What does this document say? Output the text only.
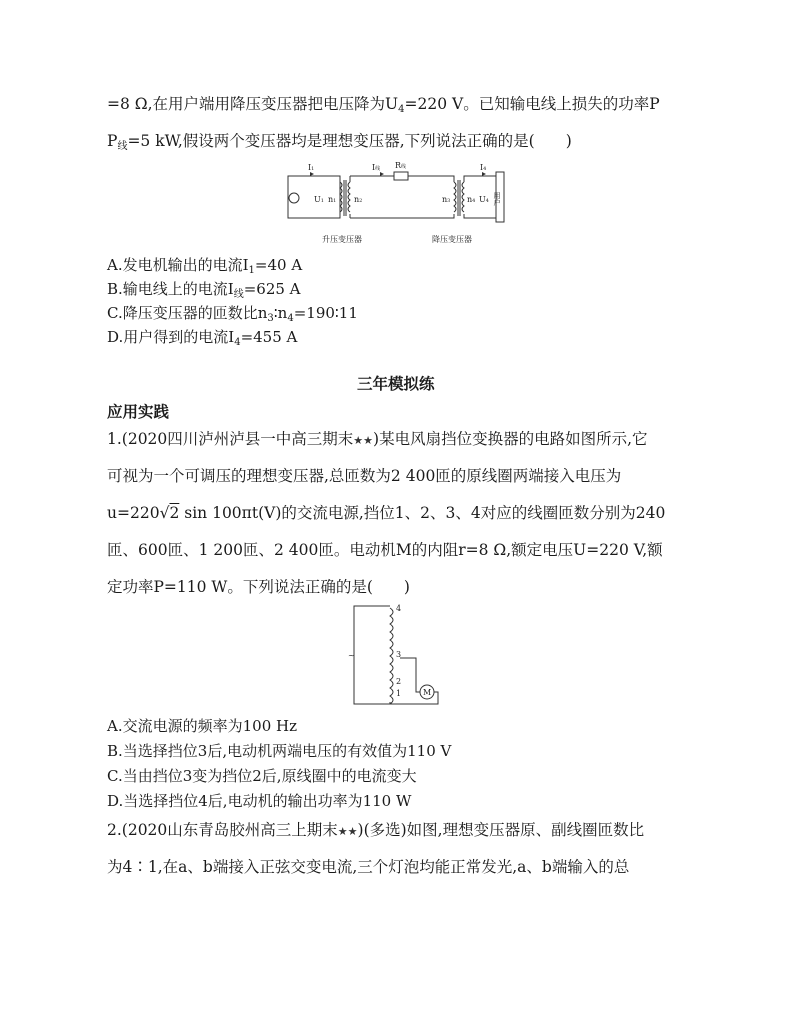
=8 Ω,在用户端用降压变压器把电压降为$U_4=220$ V。已知输电线上损失的功率P
$P_线=5$ kW,假设两个变压器均是理想变压器,下列说法正确的是(　　)
I1	I线 R线	I4
U1 n1 n2	n3 n4 U4 用户
升压变压器	降压变压器
A.发电机输出的电流$I_1=40$ A
B.输电线上的电流$I_线=625$ A
C.降压变压器的匝数比$n_3∶n_4=190∶11$
D.用户得到的电流$I_4=455$ A
三年模拟练
应用实践
1.(2020四川泸州泸县一中高三期末★★)某电风扇挡位变换器的电路如图所示,它
可视为一个可调压的理想变压器,总匝数为2 400匝的原线圈两端接入电压为
u=220√2 sin 100πt(V)的交流电源,挡位1、2、3、4对应的线圈匝数分别为240
匝、600匝、1 200匝、2 400匝。电动机M的内阻r=8 Ω,额定电压U=220 V,额
定功率P=110 W。下列说法正确的是(　　)
4
3
2
1
~
M
A.交流电源的频率为100 Hz
B.当选择挡位3后,电动机两端电压的有效值为110 V
C.当由挡位3变为挡位2后,原线圈中的电流变大
D.当选择挡位4后,电动机的输出功率为110 W
2.(2020山东青岛胶州高三上期末★★)(多选)如图,理想变压器原、副线圈匝数比
为4∶1,在a、b端接入正弦交变电流,三个灯泡均能正常发光,a、b端输入的总
